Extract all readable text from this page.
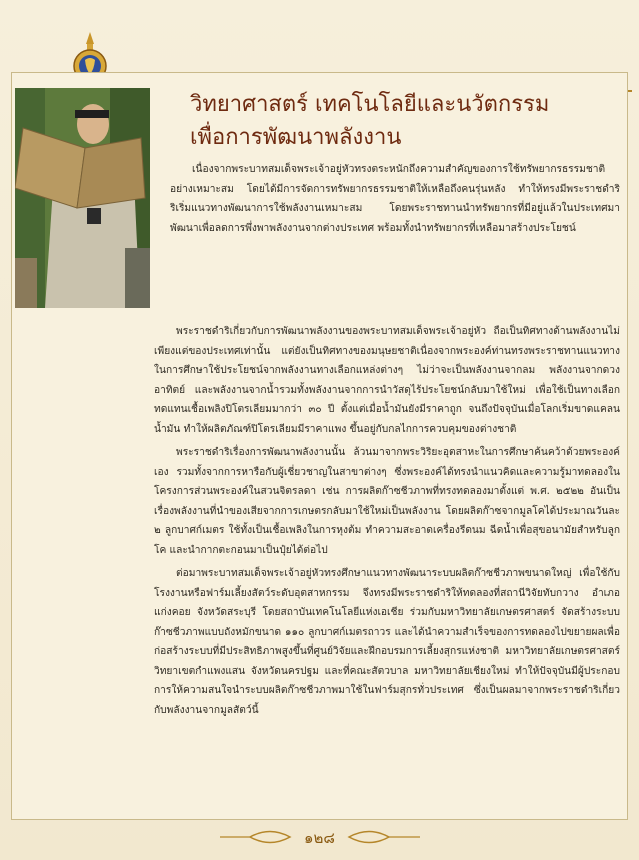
วิทยาศาสตร์ เทคโนโลยีและนวัตกรรม
เพื่อการพัฒนาพลังงาน

เนื่องจากพระบาทสมเด็จพระเจ้าอยู่หัวทรงตระหนักถึงความสำคัญของการใช้ทรัพยากรธรรมชาติอย่างเหมาะสม โดยได้มีการจัดการทรัพยากรธรรมชาติให้เหลือถึงคนรุ่นหลัง ทำให้ทรงมีพระราชดำริริเริ่มแนวทางพัฒนาการใช้พลังงานเหมาะสม โดยพระราชทานนำทรัพยากรที่มีอยู่แล้วในประเทศมาพัฒนาเพื่อลดการพึ่งพาพลังงานจากต่างประเทศ พร้อมทั้งนำทรัพยากรที่เหลือมาสร้างประโยชน์

พระราชดำริเกี่ยวกับการพัฒนาพลังงานของพระบาทสมเด็จพระเจ้าอยู่หัว ถือเป็นทิศทางด้านพลังงานไม่เพียงแต่ของประเทศเท่านั้น แต่ยังเป็นทิศทางของมนุษยชาติเนื่องจากพระองค์ท่านทรงพระราชทานแนวทางในการศึกษาใช้ประโยชน์จากพลังงานทางเลือกแหล่งต่างๆ ไม่ว่าจะเป็นพลังงานจากลม พลังงานจากดวงอาทิตย์ และพลังงานจากน้ำรวมทั้งพลังงานจากการนำวัสดุไร้ประโยชน์กลับมาใช้ใหม่ เพื่อใช้เป็นทางเลือกทดแทนเชื้อเพลิงปิโตรเลียมมากว่า ๓๐ ปี ตั้งแต่เมื่อน้ำมันยังมีราคาถูก จนถึงปัจจุบันเมื่อโลกเริ่มขาดแคลนน้ำมัน ทำให้ผลิตภัณฑ์ปิโตรเลียมมีราคาแพง ขึ้นอยู่กับกลไกการควบคุมของต่างชาติ

พระราชดำริเรื่องการพัฒนาพลังงานนั้น ล้วนมาจากพระวิริยะอุตสาหะในการศึกษาค้นคว้าด้วยพระองค์เอง รวมทั้งจากการหารือกับผู้เชี่ยวชาญในสาขาต่างๆ ซึ่งพระองค์ได้ทรงนำแนวคิดและความรู้มาทดลองในโครงการส่วนพระองค์ในสวนจิตรลดา เช่น การผลิตก๊าซชีวภาพที่ทรงทดลองมาตั้งแต่ พ.ศ. ๒๕๒๒ อันเป็นเรื่องพลังงานที่นำของเสียจากการเกษตรกลับมาใช้ใหม่เป็นพลังงาน โดยผลิตก๊าซจากมูลโคได้ประมาณวันละ ๒ ลูกบาศก์เมตร ใช้ทั้งเป็นเชื้อเพลิงในการหุงต้ม ทำความสะอาดเครื่องรีดนม ฉีดน้ำเพื่อสุขอนามัยสำหรับลูกโค และนำกากตะกอนมาเป็นปุ๋ยได้ต่อไป

ต่อมาพระบาทสมเด็จพระเจ้าอยู่หัวทรงศึกษาแนวทางพัฒนาระบบผลิตก๊าซชีวภาพขนาดใหญ่ เพื่อใช้กับโรงงานหรือฟาร์มเลี้ยงสัตว์ระดับอุตสาหกรรม จึงทรงมีพระราชดำริให้ทดลองที่สถานีวิจัยทับกวาง อำเภอแก่งคอย จังหวัดสระบุรี โดยสถาบันเทคโนโลยีแห่งเอเชีย ร่วมกับมหาวิทยาลัยเกษตรศาสตร์ จัดสร้างระบบก๊าซชีวภาพแบบถังหมักขนาด ๑๑๐ ลูกบาศก์เมตรถาวร และได้นำความสำเร็จของการทดลองไปขยายผลเพื่อก่อสร้างระบบที่มีประสิทธิภาพสูงขึ้นที่ศูนย์วิจัยและฝึกอบรมการเลี้ยงสุกรแห่งชาติ มหาวิทยาลัยเกษตรศาสตร์ วิทยาเขตกำแพงแสน จังหวัดนครปฐม และที่คณะสัตวบาล มหาวิทยาลัยเชียงใหม่ ทำให้ปัจจุบันมีผู้ประกอบการให้ความสนใจนำระบบผลิตก๊าซชีวภาพมาใช้ในฟาร์มสุกรทั่วประเทศ ซึ่งเป็นผลมาจากพระราชดำริเกี่ยวกับพลังงานจากมูลสัตว์นี้

๑๒๘
